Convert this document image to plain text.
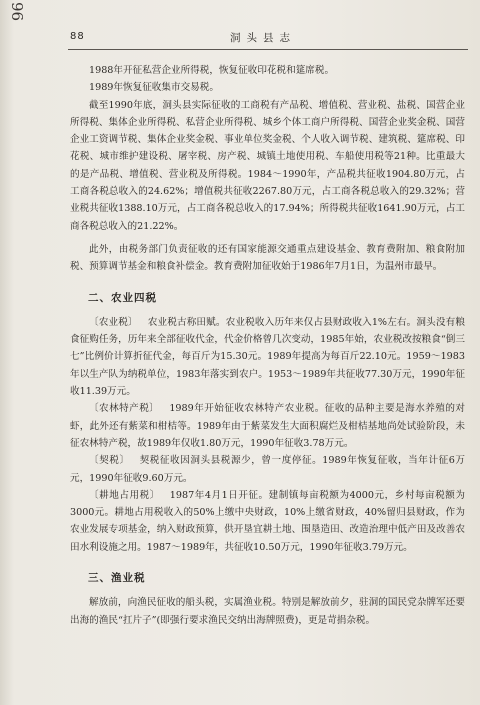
96
88	洞头县志

1988年开征私营企业所得税，恢复征收印花税和筵席税。

1989年恢复征收集市交易税。

截至1990年底，洞头县实际征收的工商税有产品税、增值税、营业税、盐税、国营企业所得税、集体企业所得税、私营企业所得税、城乡个体工商户所得税、国营企业奖金税、国营企业工资调节税、集体企业奖金税、事业单位奖金税、个人收入调节税、建筑税、筵席税、印花税、城市维护建设税、屠宰税、房产税、城镇土地使用税、车船使用税等21种。比重最大的是产品税、增值税、营业税及所得税。1984～1990年，产品税共征收1904.80万元，占工商各税总收入的24.62%；增值税共征收2267.80万元，占工商各税总收入的29.32%；营业税共征收1388.10万元，占工商各税总收入的17.94%；所得税共征收1641.90万元，占工商各税总收入的21.22%。

此外，由税务部门负责征收的还有国家能源交通重点建设基金、教育费附加、粮食附加税、预算调节基金和粮食补偿金。教育费附加征收始于1986年7月1日，为温州市最早。

二、农业四税

〔农业税〕 农业税古称田赋。农业税收入历年来仅占县财政收入1%左右。洞头没有粮食征购任务，历年来全部征收代金，代金价格曾几次变动，1985年始，农业税改按粮食“倒三七”比例价计算折征代金，每百斤为15.30元。1989年提高为每百斤22.10元。1959～1983年以生产队为纳税单位，1983年落实到农户。1953～1989年共征收77.30万元，1990年征收11.39万元。

〔农林特产税〕 1989年开始征收农林特产农业税。征收的品种主要是海水养殖的对虾，此外还有紫菜和柑桔等。1989年由于紫菜发生大面积腐烂及柑桔基地尚处试验阶段，未征农林特产税，故1989年仅收1.80万元，1990年征收3.78万元。

〔契税〕 契税征收因洞头县税源少，曾一度停征。1989年恢复征收，当年计征6万元，1990年征收9.60万元。

〔耕地占用税〕 1987年4月1日开征。建制镇每亩税额为4000元，乡村每亩税额为3000元。耕地占用税收入的50%上缴中央财政，10%上缴省财政，40%留归县财政，作为农业发展专项基金，纳入财政预算，供开垦宜耕土地、围垦造田、改造治理中低产田及改善农田水利设施之用。1987～1989年，共征收10.50万元，1990年征收3.79万元。

三、渔业税

解放前，向渔民征收的船头税，实属渔业税。特别是解放前夕，驻洞的国民党杂牌军还要出海的渔民“扛片子”(即强行要求渔民交纳出海牌照费)，更是苛捐杂税。
